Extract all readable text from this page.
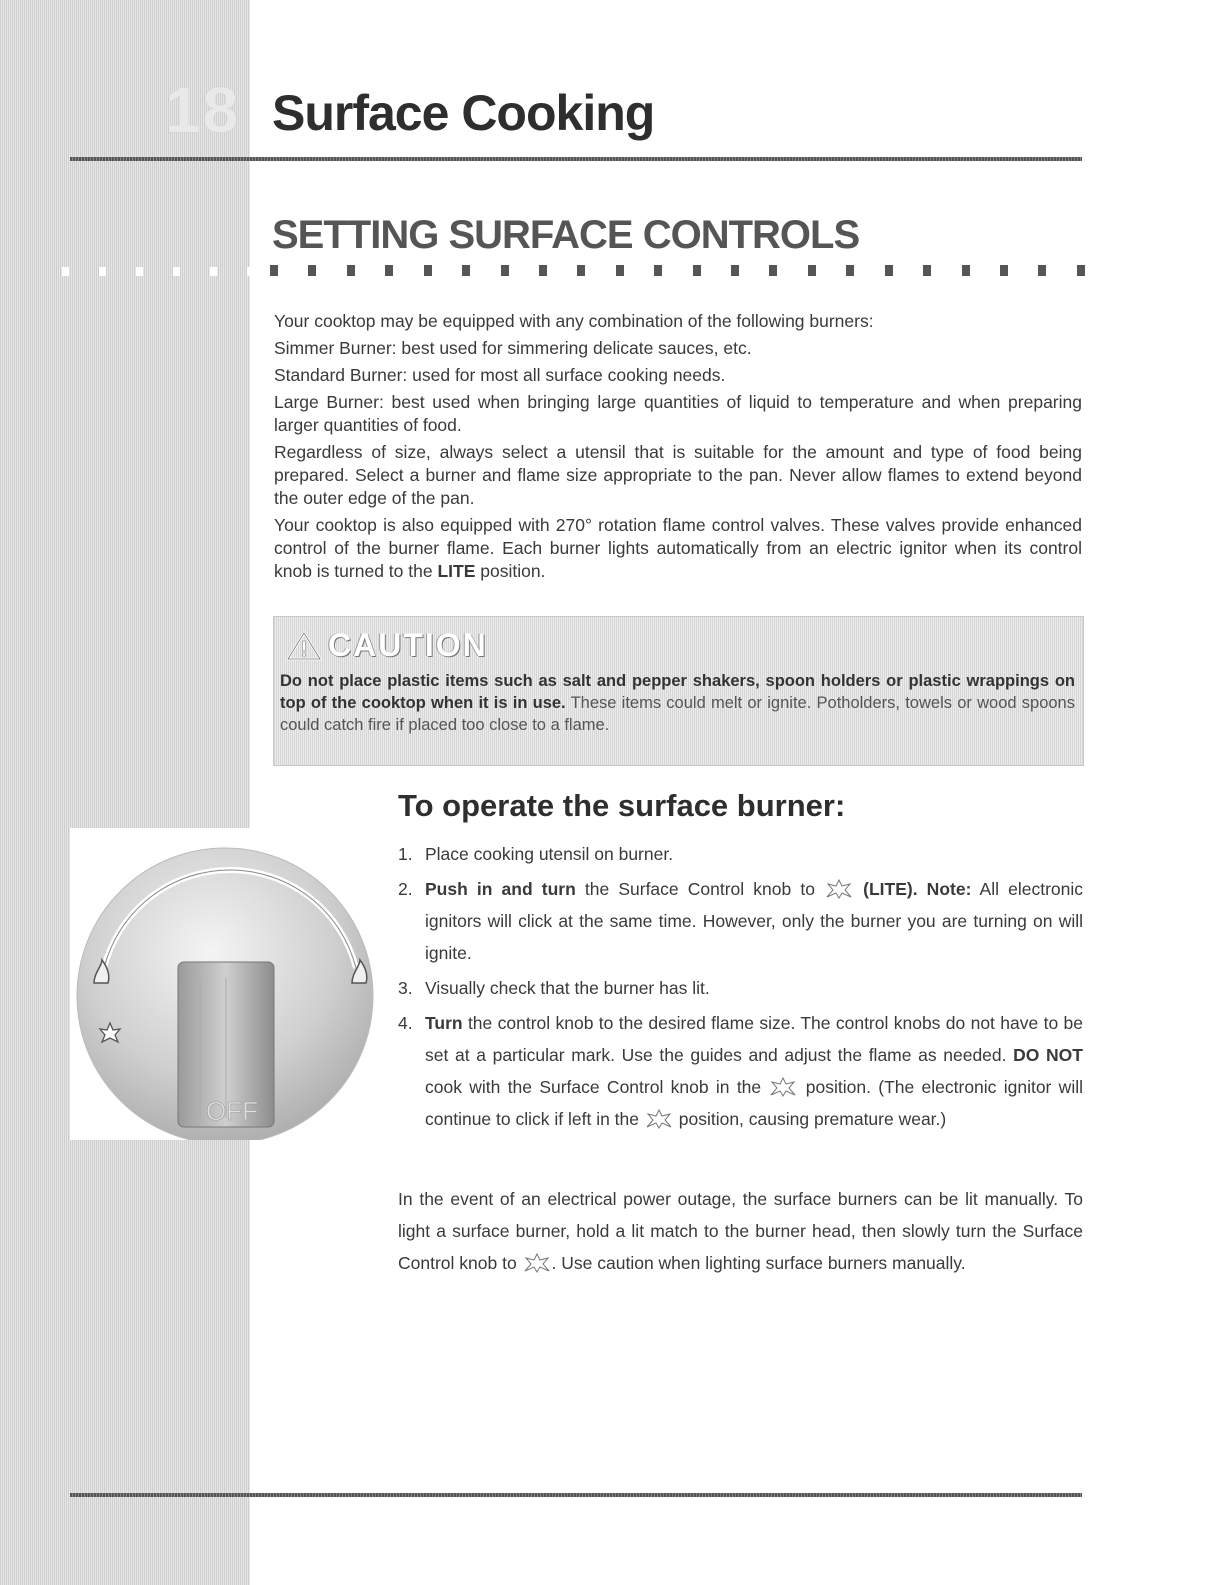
18 Surface Cooking
SETTING SURFACE CONTROLS

Your cooktop may be equipped with any combination of the following burners:

Simmer Burner: best used for simmering delicate sauces, etc.

Standard Burner: used for most all surface cooking needs.

Large Burner: best used when bringing large quantities of liquid to temperature and when preparing larger quantities of food.

Regardless of size, always select a utensil that is suitable for the amount and type of food being prepared. Select a burner and flame size appropriate to the pan. Never allow flames to extend beyond the outer edge of the pan.

Your cooktop is also equipped with 270° rotation flame control valves. These valves provide enhanced control of the burner flame. Each burner lights automatically from an electric ignitor when its control knob is turned to the LITE position.

CAUTION
Do not place plastic items such as salt and pepper shakers, spoon holders or plastic wrappings on top of the cooktop when it is in use. These items could melt or ignite. Potholders, towels or wood spoons could catch fire if placed too close to a flame.
OFF
To operate the surface burner:
1. Place cooking utensil on burner.
2. Push in and turn the Surface Control knob to  (LITE). Note: All electronic ignitors will click at the same time. However, only the burner you are turning on will ignite.
3. Visually check that the burner has lit.
4. Turn the control knob to the desired flame size. The control knobs do not have to be set at a particular mark. Use the guides and adjust the flame as needed. DO NOT cook with the Surface Control knob in the  position. (The electronic ignitor will continue to click if left in the  position, causing premature wear.)

In the event of an electrical power outage, the surface burners can be lit manually. To light a surface burner, hold a lit match to the burner head, then slowly turn the Surface Control knob to . Use caution when lighting surface burners manually.
